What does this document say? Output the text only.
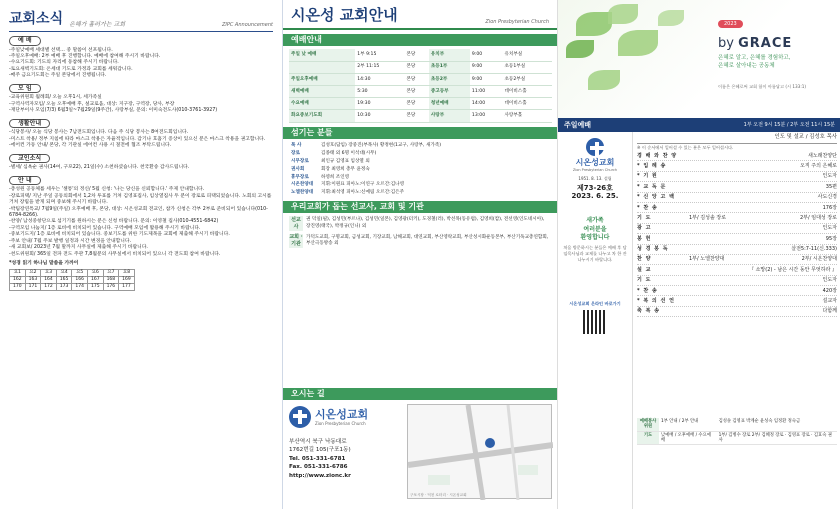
교회소식 은혜가 흘러가는 교회	ZIPC Announcement
예 배

-주일낮예배 세대별 선택… 중 말씀이 선포됩니다.

-주일오후예배: 2부 예배 후 진행합니다. 예배에 참여해 주시기 바랍니다.

-수요기도회: 기도의 자리에 동참해 주시기 바랍니다.

-토요새벽기도회: 온세대 기도로 가정과 교회를 세워갑니다.

-매주 금요기도회는 주일 본당에서 진행됩니다.

모 임

-교육위원회 월례회/ 오늘 오후1시, 세가족실

-구역사역자모임/ 오늘 오후예배 후, 설교로움, 대상: 지구장, 구역장, 당사, 부장

-재단부이사 모임(7/3) 6월3일~7월29일(9주간), 사랑부실, 문의: 이미숙전도사(010-3761-3927)

생활안내

-식당봉사/ 오늘 식당 봉사는 7남전도회입니다. 다음 주 식당 봉사는 8여전도회입니다.

-미스트 착용/ 정부 지침에 따라 마스크 착용은 자율적입니다. 감기나 호흡기 증상이 있으신 분은 마스크 착용을 권고합니다.

-에어컨 가동 안내/ 본당, 각 기관실 에어컨 사용 시 절전에 협조 부탁드립니다.

교인소식

-별세/ 심옥순 권사(14여, 구포22), 21일(수) 소천하셨습니다. 천국환송 감사드립니다.

안 내

-총성원 공동체를 세우는 '셀통'의 정신/ 5월 신청: '나는 당신을 신뢰합니다.' 주제 안내합니다.

-장로피택/ 지난 주일 공동의회에서 1,2차 투표를 거쳐 김영표집사, 임상열집사 두 분이 장로로 피택되었습니다. 노회의 고시를 거쳐 장립을 받게 되며 중보해 주시기 바랍니다.

-박팀장연특교/ 7월9일(주일) 오후예배 후, 본당, 대상: 시온성교회 전교인, 참가 신청은 각부 2부로 준비되어 있습니다(010-6784-8266).

-찬양/ 남성중창단으로 섬기기를 원하시는 분은 신청 바랍니다. 문의: 이영철 집사(010-4551-6842)

-구역모임 나눔지/ 1층 로비에 비치되어 있습니다. 구역예배 모임에 활용해 주시기 바랍니다.

-중보기도지/ 1층 로비에 비치되어 있습니다. 중보기도를 위한 기도제목을 교회에 제출해 주시기 바랍니다.

-주보 안내/ 7월 주보 발행 일정과 시간 변경을 안내합니다.

-새 교회보/ 2023년 7월 말까지 사무실에 제출해 주시기 바랍니다.

-천도위원회/ 365일 전파 전도 주관 7,8월분의 사무실에서 비치되어 있으니 각 전도회 참여 바랍니다.

*성경 읽기 하나님 말씀을 가까이
요1	요2	요3	요4	요5	요6	요7	요8
162	163	164	165	166	167	168	169
170	171	172	173	174	175	176	177
시온성 교회안내	Zion Presbyterian Church
예배안내
주일 낮 예배	1부 9:15	본당	유치부	9:00	유치부실
	2부 11:15	본당	초등1부	9:00	초등1부실
주일오후예배	14:30	본당	초등2부	9:00	초등2부실
새벽예배	5:30	본당	중고등부	11:00	데이비스홀
수요예배	19:30	본당	청년예배	14:00	데이비스홀
화요중보기도회	10:30	본당	사랑부	13:00	사랑부홀
섬기는 분들
목 사	김성호(담임) 장중진(부목사) 황정현(1교구, 사랑부, 새가족)
장로	김종태 외 6명 이석대(시무)
시무장로	최인규 김영표 임상열 외
권사회	회장 최영희 총무 윤정숙
휴무장로	하영희 조인영
시온찬양대	지휘:이원표 피아노:이연구 오르간:김나영
노엘찬양대	지휘:최석영 피아노:신예림 오르간:김은주
우리교회가 돕는 선교사, 교회 및 기관
선교사
권 덕일(필), 김성민(부르나), 김성민(일본), 김영광(터키), 도경철(러), 박선목(동유럽), 김영희(캄), 전선영(인도네시아), 장진영(태국), 박정규(인니) 외
교회 · 기관
가덕도교회, 구명교회, 금성교회, 기장교회, 남해교회, 대연교회, 부산영락교회, 부산성시화운동본부, 부산기독교총연합회, 부산극동방송 외
오시는 길
시온성교회
Zion Presbyterian Church
부산역시 북구 낙동대로
1762번길 105(구포1동)
Tel. 051-331-6781
Fax. 051-331-6786
http://www.zionc.kr
구포시장 · 덕천 로터리 · 시온성교회
2023
by GRACE
은혜로 알고, 은혜를 경험하고,
은혜로 살아내는 공동체
이름은 은혜로써 교회 함이 아름답고 (시 133:1)
주일예배	1부 오전 9시 15분 / 2부 오전 11시 15분
시온성교회
Zion Presbyterian Church
1951. 8. 13. 설립
제73-26호
2023. 6. 25.
새가족
여러분을
환영합니다
처음 방문하시는 분들은 예배 후 담임목사님과 교제를 나누고 차 한 잔 나누시기 바랍니다.
시온성교회 온라인 바로가기
인도 및 설교 / 김성호 목사
※ 이 순서에서 일어설 수 있는 분은 모두 일어섭시다.
경 배 와 찬 양	새노래찬양단
* 입 례 송	오직 주의 은혜로
* 기 원	인도자
* 교 독 문	35편
* 신 앙 고 백	사도신경
* 찬 송	176장
기 도	1부/ 김성솔 장로	2부/ 임대성 장로
광 고	인도자
봉 헌	95장
성 경 봉 독	살전5:7-11(신.333)
찬 양	1부/ 노엘찬양대	2부/ 시온찬양대
설 교	『 소망(2) - 남은 시간 동안 무엇하라 』
기 도	인도자
* 찬 송	420장
* 복 의 선 언	설교자
축 복 송	다함께
예배봉사위원	1부 안내 / 2부 안내	김성솔 김영표 박계순 윤성숙 임정환 정숙금
기도	낮예배 / 오후예배 / 수요예배	1부/ 김병수 장로 2부/ 김혜정 장로 · 김영표 장로 · 김효숙 권사
